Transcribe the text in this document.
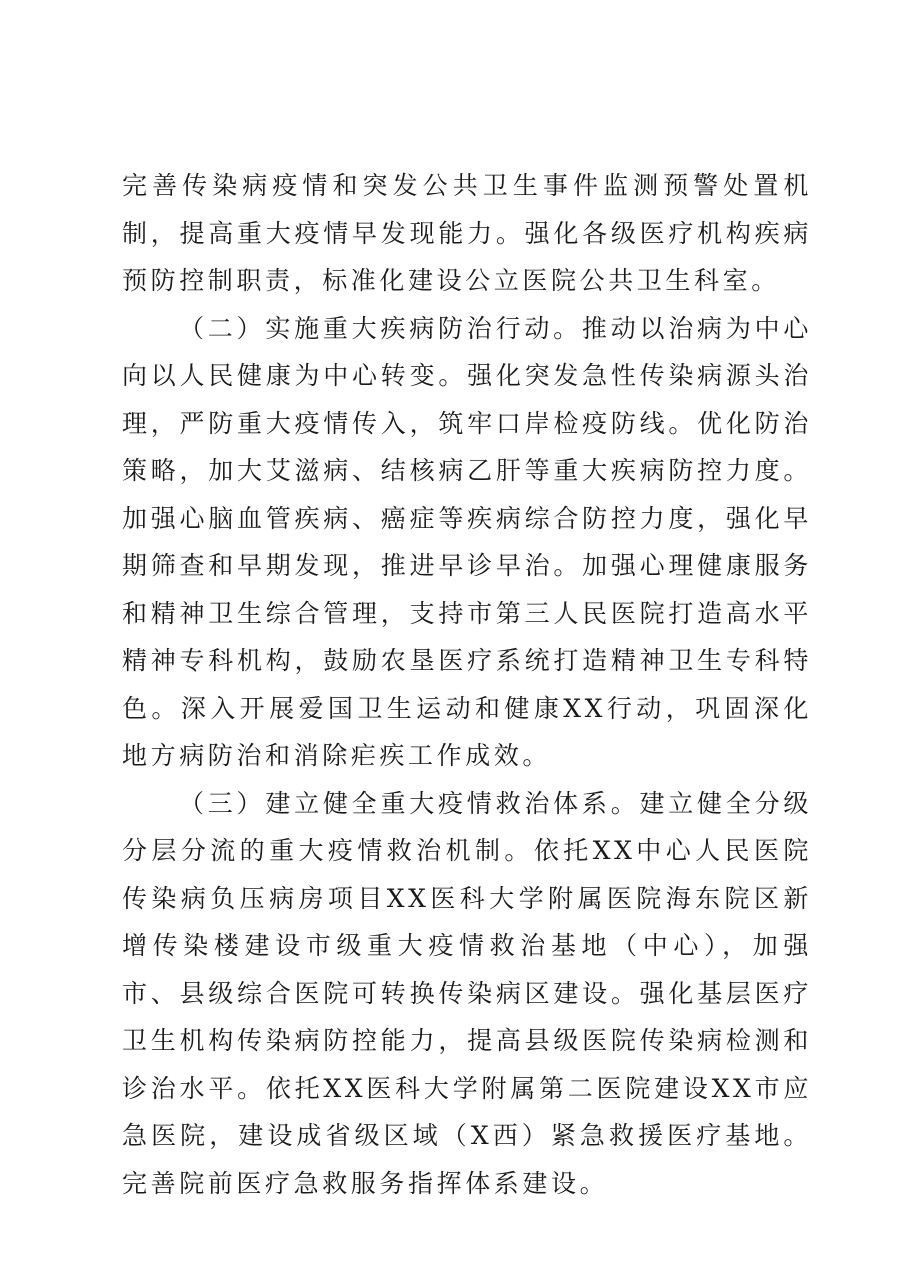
完善传染病疫情和突发公共卫生事件监测预警处置机制，提高重大疫情早发现能力。强化各级医疗机构疾病预防控制职责，标准化建设公立医院公共卫生科室。

（二）实施重大疾病防治行动。推动以治病为中心向以人民健康为中心转变。强化突发急性传染病源头治理，严防重大疫情传入，筑牢口岸检疫防线。优化防治策略，加大艾滋病、结核病乙肝等重大疾病防控力度。加强心脑血管疾病、癌症等疾病综合防控力度，强化早期筛查和早期发现，推进早诊早治。加强心理健康服务和精神卫生综合管理，支持市第三人民医院打造高水平精神专科机构，鼓励农垦医疗系统打造精神卫生专科特色。深入开展爱国卫生运动和健康XX行动，巩固深化地方病防治和消除疟疾工作成效。

（三）建立健全重大疫情救治体系。建立健全分级分层分流的重大疫情救治机制。依托XX中心人民医院传染病负压病房项目XX医科大学附属医院海东院区新增传染楼建设市级重大疫情救治基地（中心），加强市、县级综合医院可转换传染病区建设。强化基层医疗卫生机构传染病防控能力，提高县级医院传染病检测和诊治水平。依托XX医科大学附属第二医院建设XX市应急医院，建设成省级区域（X西）紧急救援医疗基地。完善院前医疗急救服务指挥体系建设。
